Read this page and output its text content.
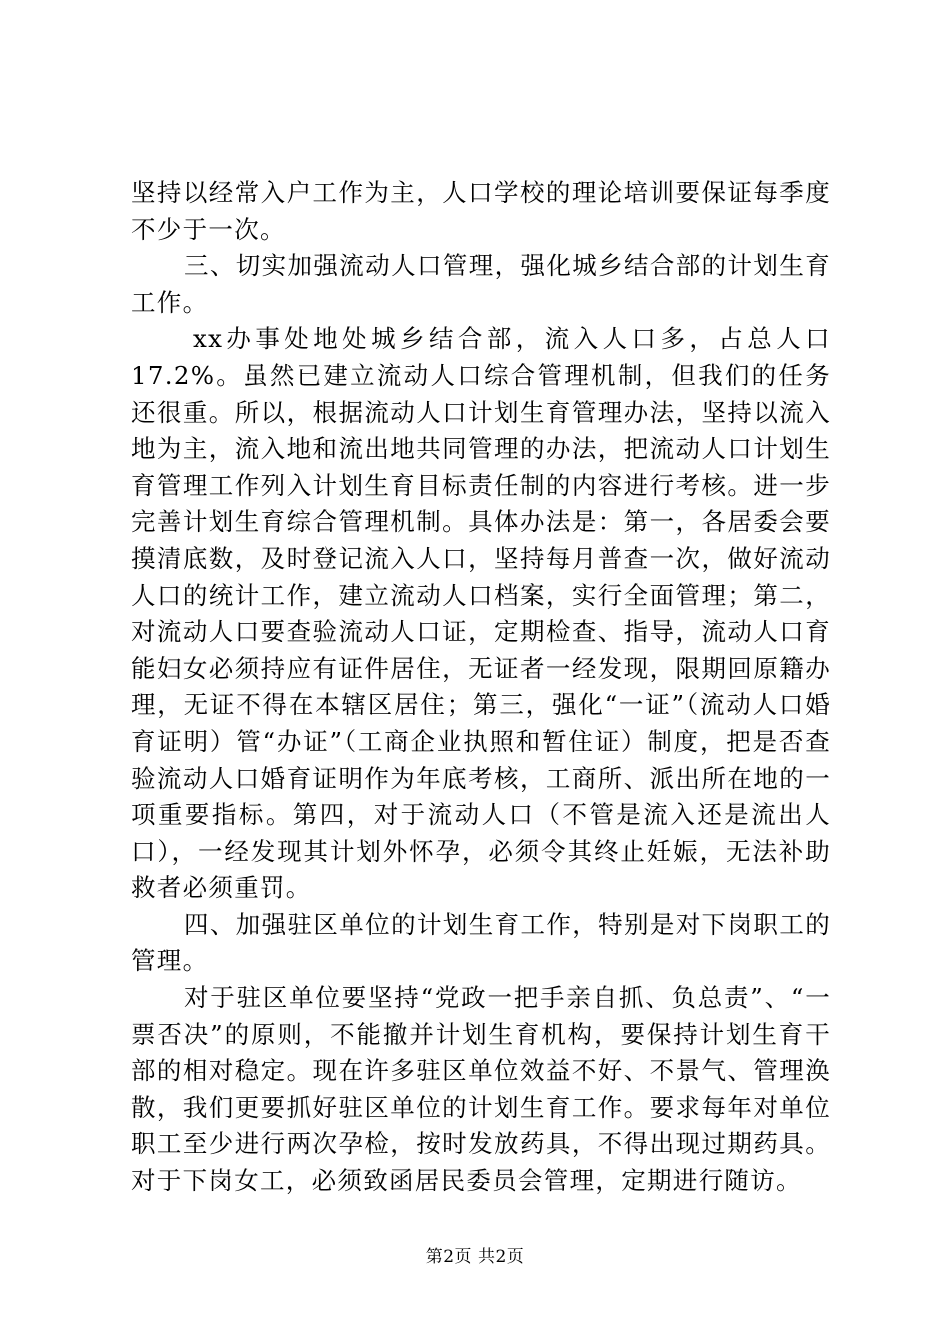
坚持以经常入户工作为主，人口学校的理论培训要保证每季度不少于一次。

三、切实加强流动人口管理，强化城乡结合部的计划生育工作。

xx办事处地处城乡结合部，流入人口多，占总人口17.2%。虽然已建立流动人口综合管理机制，但我们的任务还很重。所以，根据流动人口计划生育管理办法，坚持以流入地为主，流入地和流出地共同管理的办法，把流动人口计划生育管理工作列入计划生育目标责任制的内容进行考核。进一步完善计划生育综合管理机制。具体办法是：第一，各居委会要摸清底数，及时登记流入人口，坚持每月普查一次，做好流动人口的统计工作，建立流动人口档案，实行全面管理；第二，对流动人口要查验流动人口证，定期检查、指导，流动人口育能妇女必须持应有证件居住，无证者一经发现，限期回原籍办理，无证不得在本辖区居住；第三，强化“一证”（流动人口婚育证明）管“办证”（工商企业执照和暂住证）制度，把是否查验流动人口婚育证明作为年底考核，工商所、派出所在地的一项重要指标。第四，对于流动人口（不管是流入还是流出人口），一经发现其计划外怀孕，必须令其终止妊娠，无法补助救者必须重罚。

四、加强驻区单位的计划生育工作，特别是对下岗职工的管理。

对于驻区单位要坚持“党政一把手亲自抓、负总责”、“一票否决”的原则，不能撤并计划生育机构，要保持计划生育干部的相对稳定。现在许多驻区单位效益不好、不景气、管理涣散，我们更要抓好驻区单位的计划生育工作。要求每年对单位职工至少进行两次孕检，按时发放药具，不得出现过期药具。对于下岗女工，必须致函居民委员会管理，定期进行随访。

第2页 共2页
